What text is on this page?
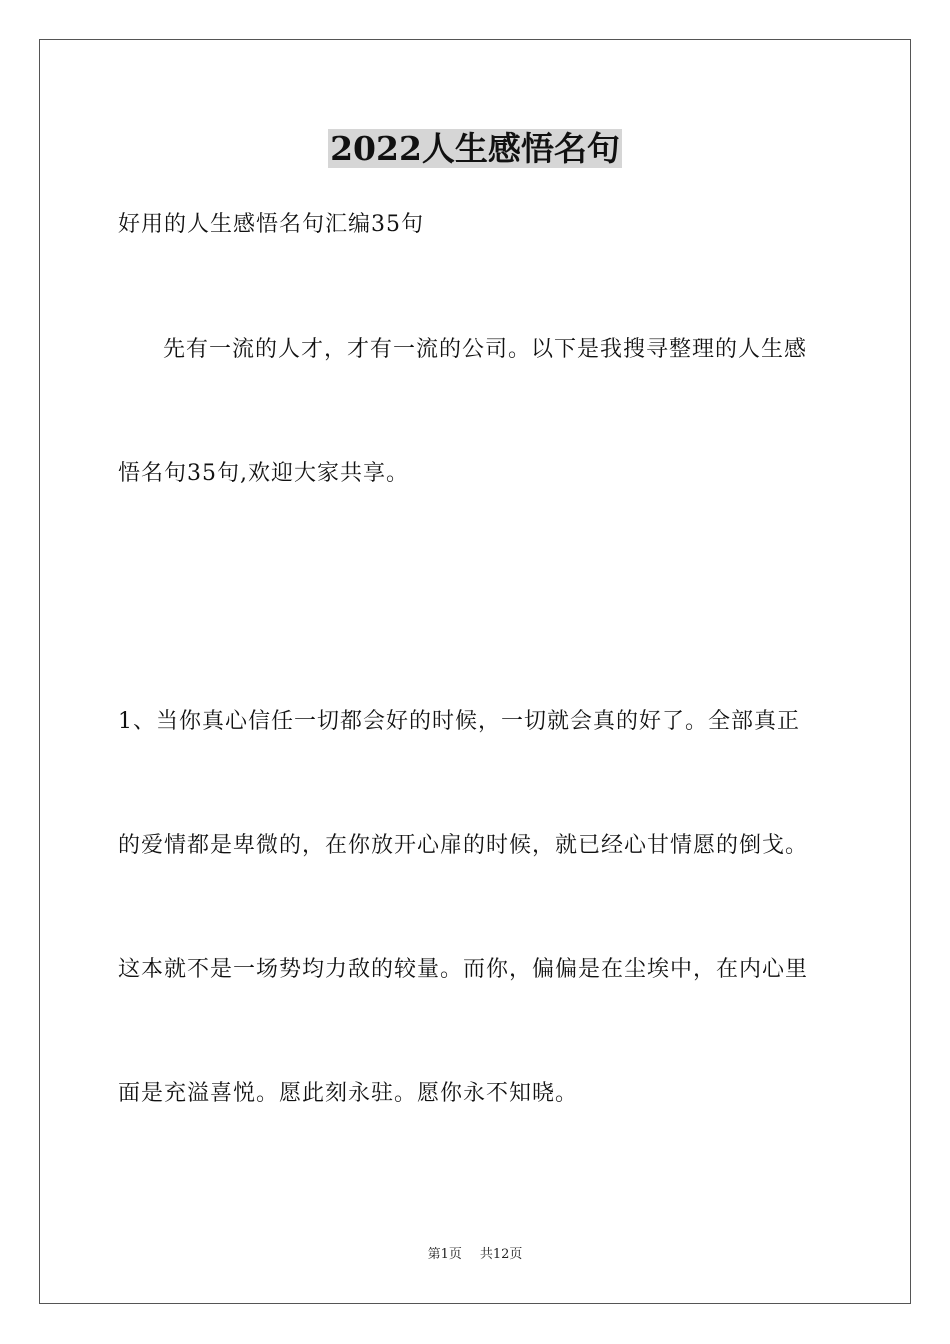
2022人生感悟名句
好用的人生感悟名句汇编35句
先有一流的人才，才有一流的公司。以下是我搜寻整理的人生感
悟名句35句,欢迎大家共享。
1、当你真心信任一切都会好的时候，一切就会真的好了。全部真正
的爱情都是卑微的，在你放开心扉的时候，就已经心甘情愿的倒戈。
这本就不是一场势均力敌的较量。而你，偏偏是在尘埃中，在内心里
面是充溢喜悦。愿此刻永驻。愿你永不知晓。
第1页 共12页
